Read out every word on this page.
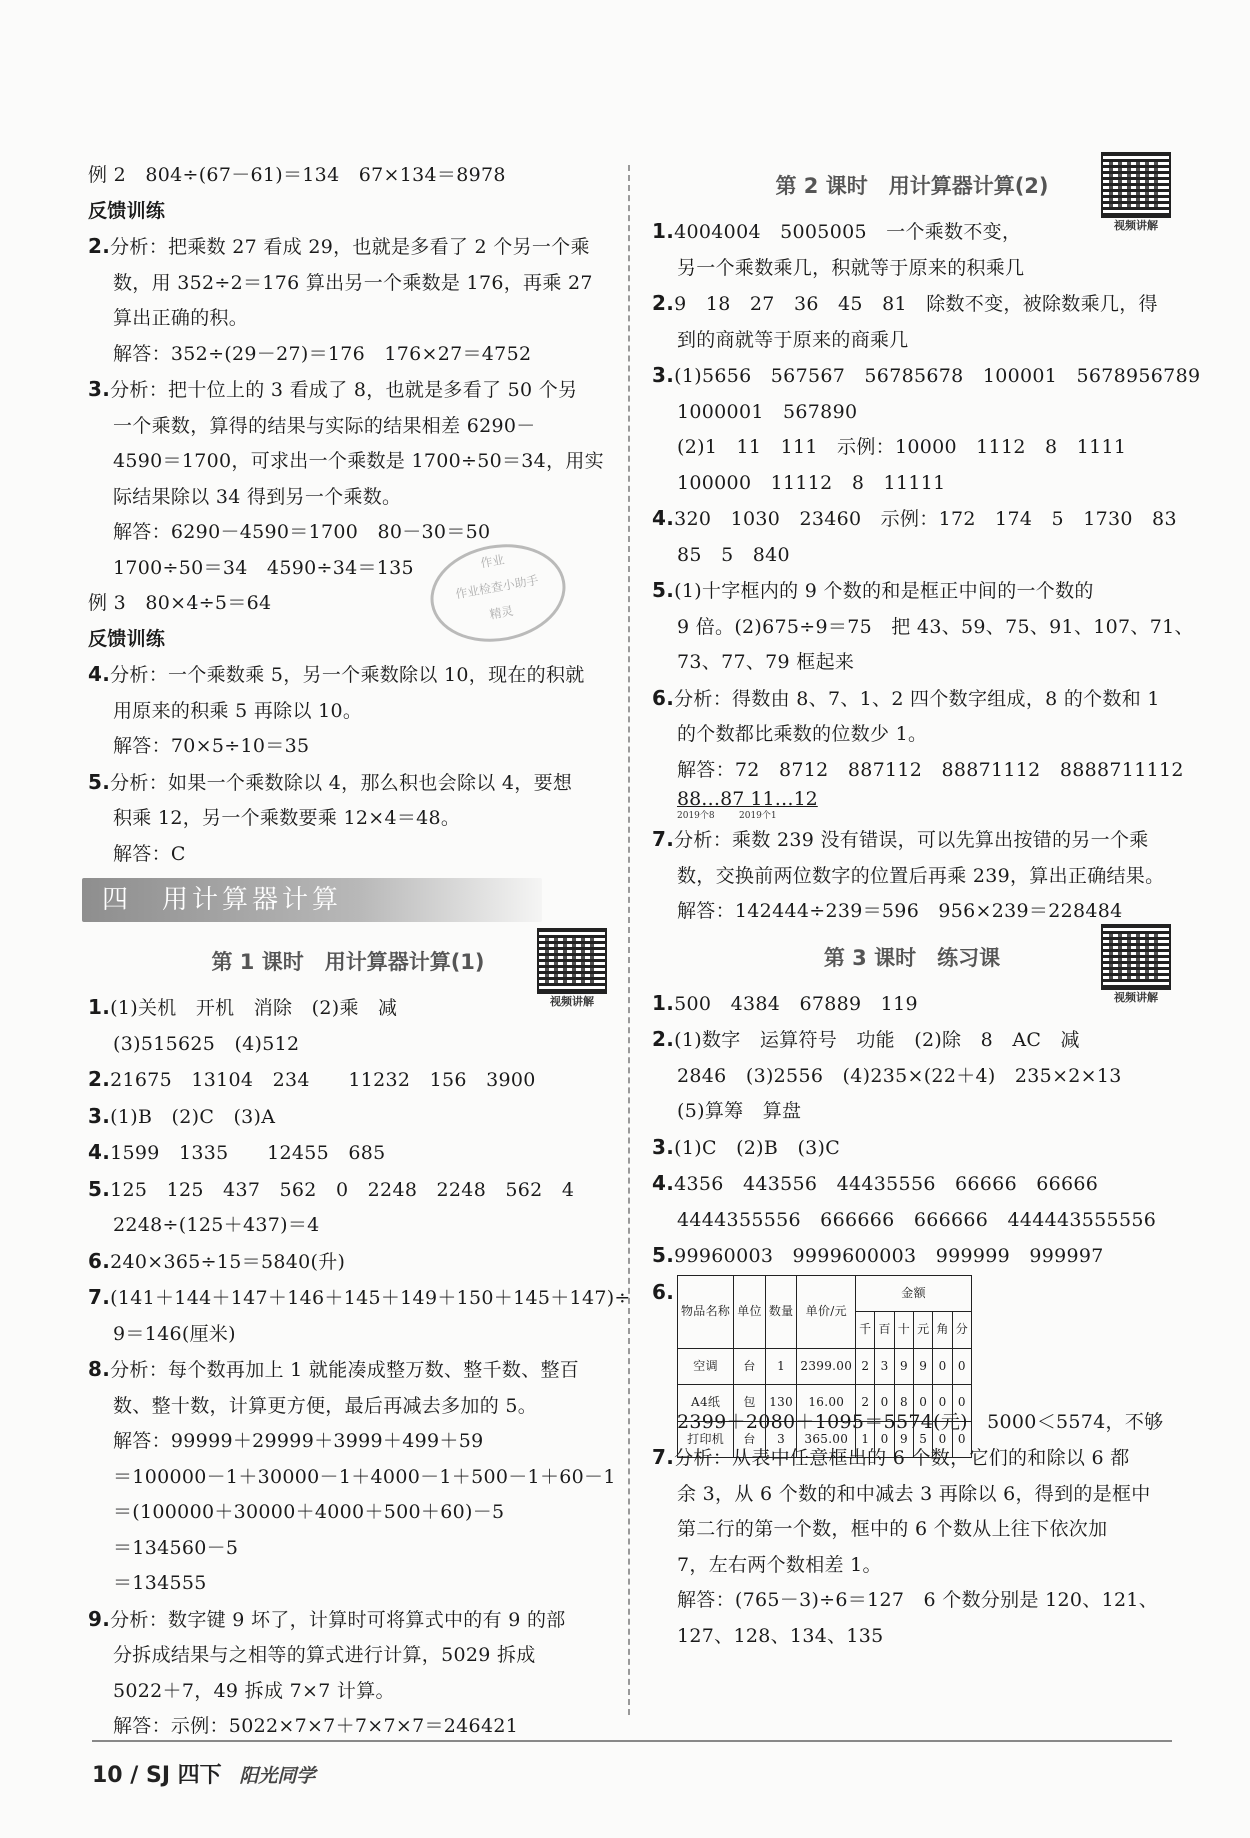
例 2　804÷(67－61)＝134　67×134＝8978
反馈训练
2.分析：把乘数 27 看成 29，也就是多看了 2 个另一个乘
数，用 352÷2＝176 算出另一个乘数是 176，再乘 27
算出正确的积。
解答：352÷(29－27)＝176　176×27＝4752
3.分析：把十位上的 3 看成了 8，也就是多看了 50 个另
一个乘数，算得的结果与实际的结果相差 6290－
4590＝1700，可求出一个乘数是 1700÷50＝34，用实
际结果除以 34 得到另一个乘数。
解答：6290－4590＝1700　80－30＝50
1700÷50＝34　4590÷34＝135
例 3　80×4÷5＝64
反馈训练
4.分析：一个乘数乘 5，另一个乘数除以 10，现在的积就
用原来的积乘 5 再除以 10。
解答：70×5÷10＝35
5.分析：如果一个乘数除以 4，那么积也会除以 4，要想
积乘 12，另一个乘数要乘 12×4＝48。
解答：C
四　用计算器计算
第 1 课时　用计算器计算(1)
视频讲解
1.(1)关机　开机　消除　(2)乘　减
(3)515625　(4)512
2.21675　13104　234　　11232　156　3900
3.(1)B　(2)C　(3)A
4.1599　1335　　12455　685
5.125　125　437　562　0　2248　2248　562　4
2248÷(125＋437)＝4
6.240×365÷15＝5840(升)
7.(141＋144＋147＋146＋145＋149＋150＋145＋147)÷
9＝146(厘米)
8.分析：每个数再加上 1 就能凑成整万数、整千数、整百
数、整十数，计算更方便，最后再减去多加的 5。
解答：99999＋29999＋3999＋499＋59
＝100000－1＋30000－1＋4000－1＋500－1＋60－1
＝(100000＋30000＋4000＋500＋60)－5
＝134560－5
＝134555
9.分析：数字键 9 坏了，计算时可将算式中的有 9 的部
分拆成结果与之相等的算式进行计算，5029 拆成
5022＋7，49 拆成 7×7 计算。
解答：示例：5022×7×7＋7×7×7＝246421
第 2 课时　用计算器计算(2)
视频讲解
1.4004004　5005005　一个乘数不变，
另一个乘数乘几，积就等于原来的积乘几
2.9　18　27　36　45　81　除数不变，被除数乘几，得
到的商就等于原来的商乘几
3.(1)5656　567567　56785678　100001　5678956789
1000001　567890
(2)1　11　111　示例：10000　1112　8　1111
100000　11112　8　11111
4.320　1030　23460　示例：172　174　5　1730　83
85　5　840
5.(1)十字框内的 9 个数的和是框正中间的一个数的
9 倍。(2)675÷9＝75　把 43、59、75、91、107、71、
73、77、79 框起来
6.分析：得数由 8、7、1、2 四个数字组成，8 的个数和 1
的个数都比乘数的位数少 1。
解答：72　8712　887112　88871112　8888711112
88…87 11…12
2019个8	2019个1
7.分析：乘数 239 没有错误，可以先算出按错的另一个乘
数，交换前两位数字的位置后再乘 239，算出正确结果。
解答：142444÷239＝596　956×239＝228484
第 3 课时　练习课
视频讲解
1.500　4384　67889　119
2.(1)数字　运算符号　功能　(2)除　8　AC　减
2846　(3)2556　(4)235×(22＋4)　235×2×13
(5)算筹　算盘
3.(1)C　(2)B　(3)C
4.4356　443556　44435556　66666　66666
4444355556　666666　666666　444443555556
5.99960003　9999600003　999999　999997
6.
物品名称	单位	数量	单价/元	金额					
				千	百	十	元	角	分
空调	台	1	2399.00	2	3	9	9	0	0
A4纸	包	130	16.00	2	0	8	0	0	0
打印机	台	3	365.00	1	0	9	5	0	0
2399＋2080＋1095＝5574(元)　5000＜5574，不够
7.分析：从表中任意框出的 6 个数，它们的和除以 6 都
余 3，从 6 个数的和中减去 3 再除以 6，得到的是框中
第二行的第一个数，框中的 6 个数从上往下依次加
7，左右两个数相差 1。
解答：(765－3)÷6＝127　6 个数分别是 120、121、
127、128、134、135
作业
作业检查小助手
精灵
10 / SJ 四下 阳光同学
